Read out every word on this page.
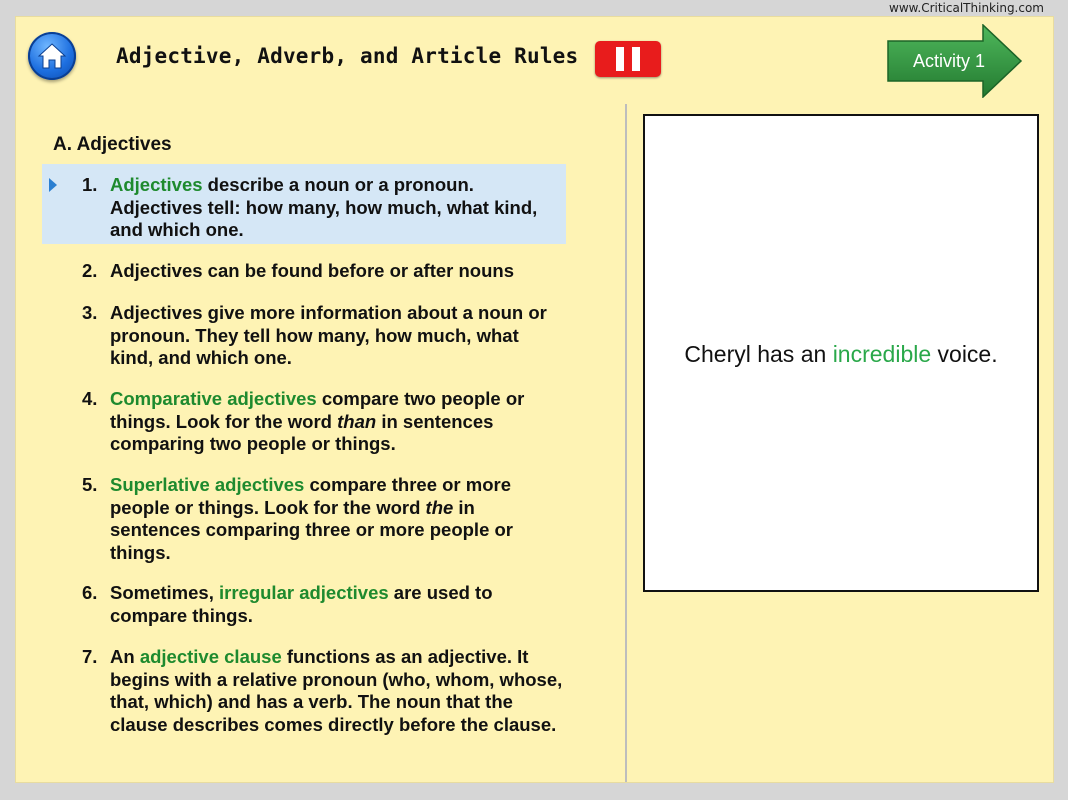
www.CriticalThinking.com
Adjective, Adverb, and Article Rules	Activity 1
A. Adjectives
1. Adjectives describe a noun or a pronoun. Adjectives tell: how many, how much, what kind, and which one.
2. Adjectives can be found before or after nouns
3. Adjectives give more information about a noun or pronoun. They tell how many, how much, what kind, and which one.
4. Comparative adjectives compare two people or things. Look for the word than in sentences comparing two people or things.
5. Superlative adjectives compare three or more people or things. Look for the word the in sentences comparing three or more people or things.
6. Sometimes, irregular adjectives are used to compare things.
7. An adjective clause functions as an adjective. It begins with a relative pronoun (who, whom, whose, that, which) and has a verb. The noun that the clause describes comes directly before the clause.
Cheryl has an incredible voice.
